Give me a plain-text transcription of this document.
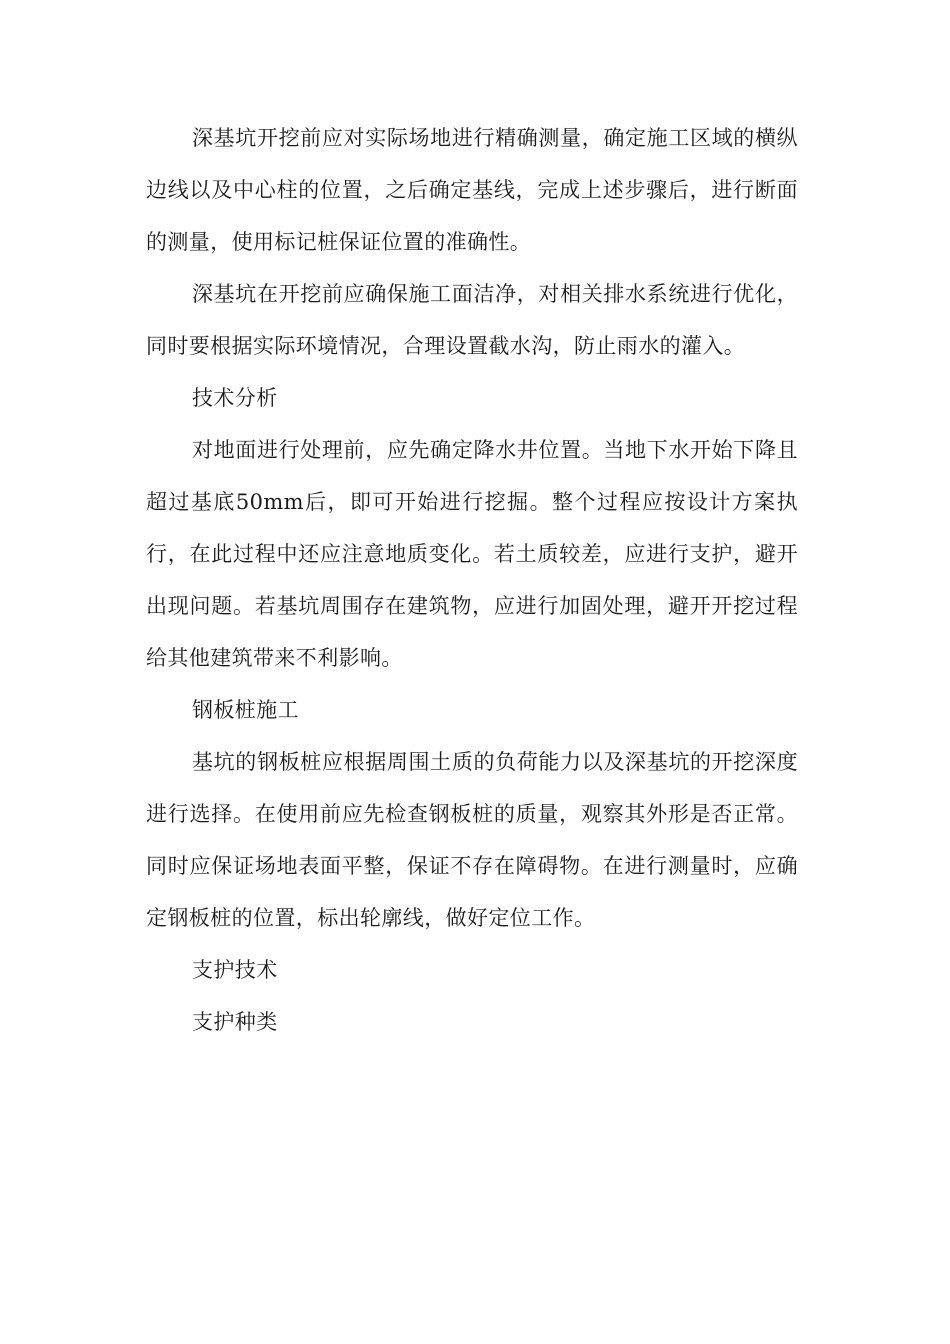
深基坑开挖前应对实际场地进行精确测量，确定施工区域的横纵边线以及中心柱的位置，之后确定基线，完成上述步骤后，进行断面的测量，使用标记桩保证位置的准确性。

深基坑在开挖前应确保施工面洁净，对相关排水系统进行优化，同时要根据实际环境情况，合理设置截水沟，防止雨水的灌入。

技术分析

对地面进行处理前，应先确定降水井位置。当地下水开始下降且超过基底50mm后，即可开始进行挖掘。整个过程应按设计方案执行，在此过程中还应注意地质变化。若土质较差，应进行支护，避开出现问题。若基坑周围存在建筑物，应进行加固处理，避开开挖过程给其他建筑带来不利影响。

钢板桩施工

基坑的钢板桩应根据周围土质的负荷能力以及深基坑的开挖深度进行选择。在使用前应先检查钢板桩的质量，观察其外形是否正常。同时应保证场地表面平整，保证不存在障碍物。在进行测量时，应确定钢板桩的位置，标出轮廓线，做好定位工作。

支护技术

支护种类
